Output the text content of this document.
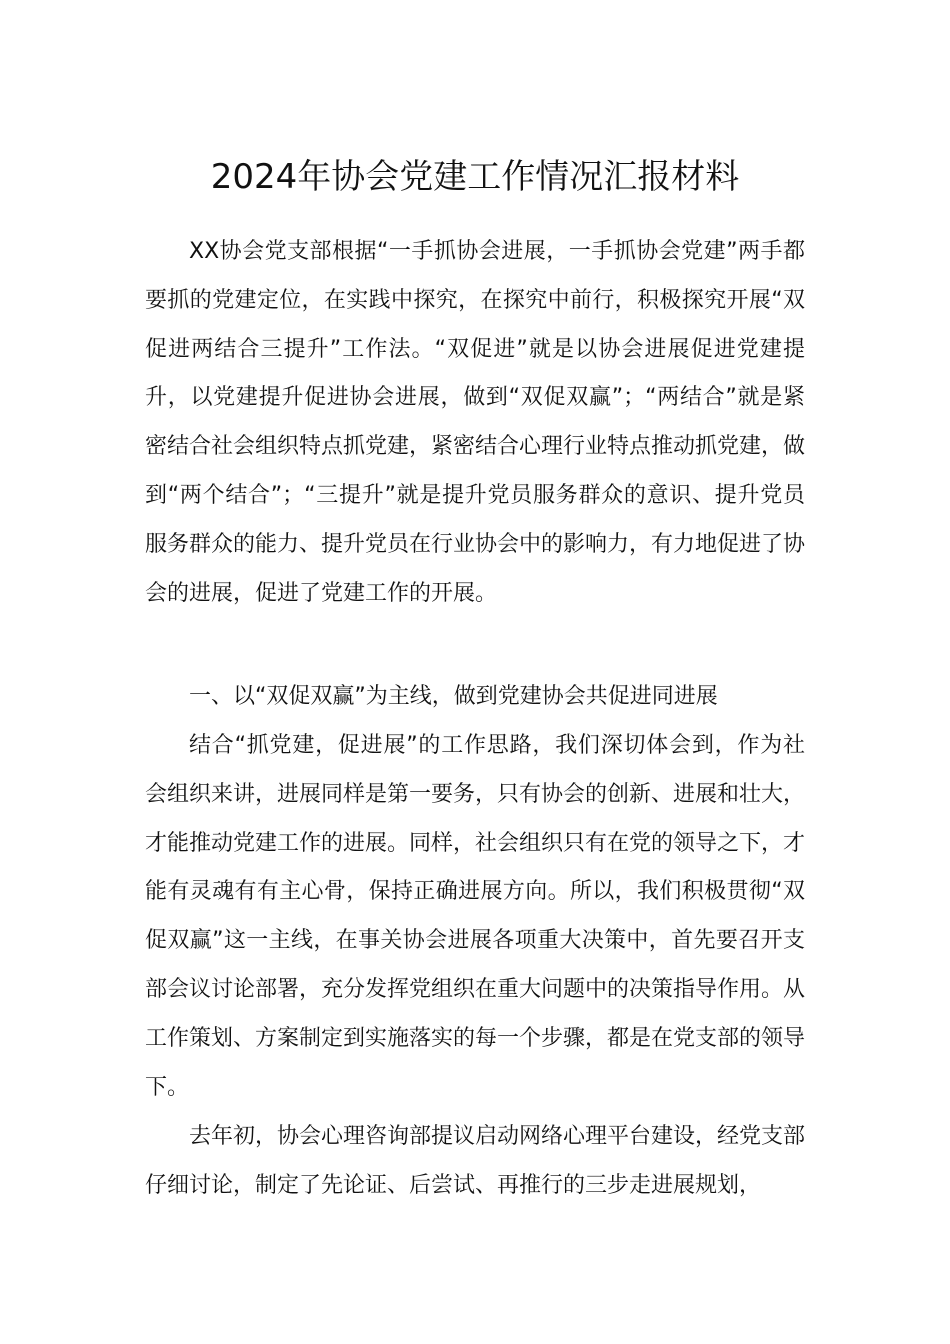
2024年协会党建工作情况汇报材料

XX协会党支部根据“一手抓协会进展，一手抓协会党建”两手都要抓的党建定位，在实践中探究，在探究中前行，积极探究开展“双促进两结合三提升”工作法。“双促进”就是以协会进展促进党建提升，以党建提升促进协会进展，做到“双促双赢”；“两结合”就是紧密结合社会组织特点抓党建，紧密结合心理行业特点推动抓党建，做到“两个结合”；“三提升”就是提升党员服务群众的意识、提升党员服务群众的能力、提升党员在行业协会中的影响力，有力地促进了协会的进展，促进了党建工作的开展。

一、以“双促双赢”为主线，做到党建协会共促进同进展

结合“抓党建，促进展”的工作思路，我们深切体会到，作为社会组织来讲，进展同样是第一要务，只有协会的创新、进展和壮大，才能推动党建工作的进展。同样，社会组织只有在党的领导之下，才能有灵魂有有主心骨，保持正确进展方向。所以，我们积极贯彻“双促双赢”这一主线，在事关协会进展各项重大决策中，首先要召开支部会议讨论部署，充分发挥党组织在重大问题中的决策指导作用。从工作策划、方案制定到实施落实的每一个步骤，都是在党支部的领导下。

去年初，协会心理咨询部提议启动网络心理平台建设，经党支部仔细讨论，制定了先论证、后尝试、再推行的三步走进展规划，
